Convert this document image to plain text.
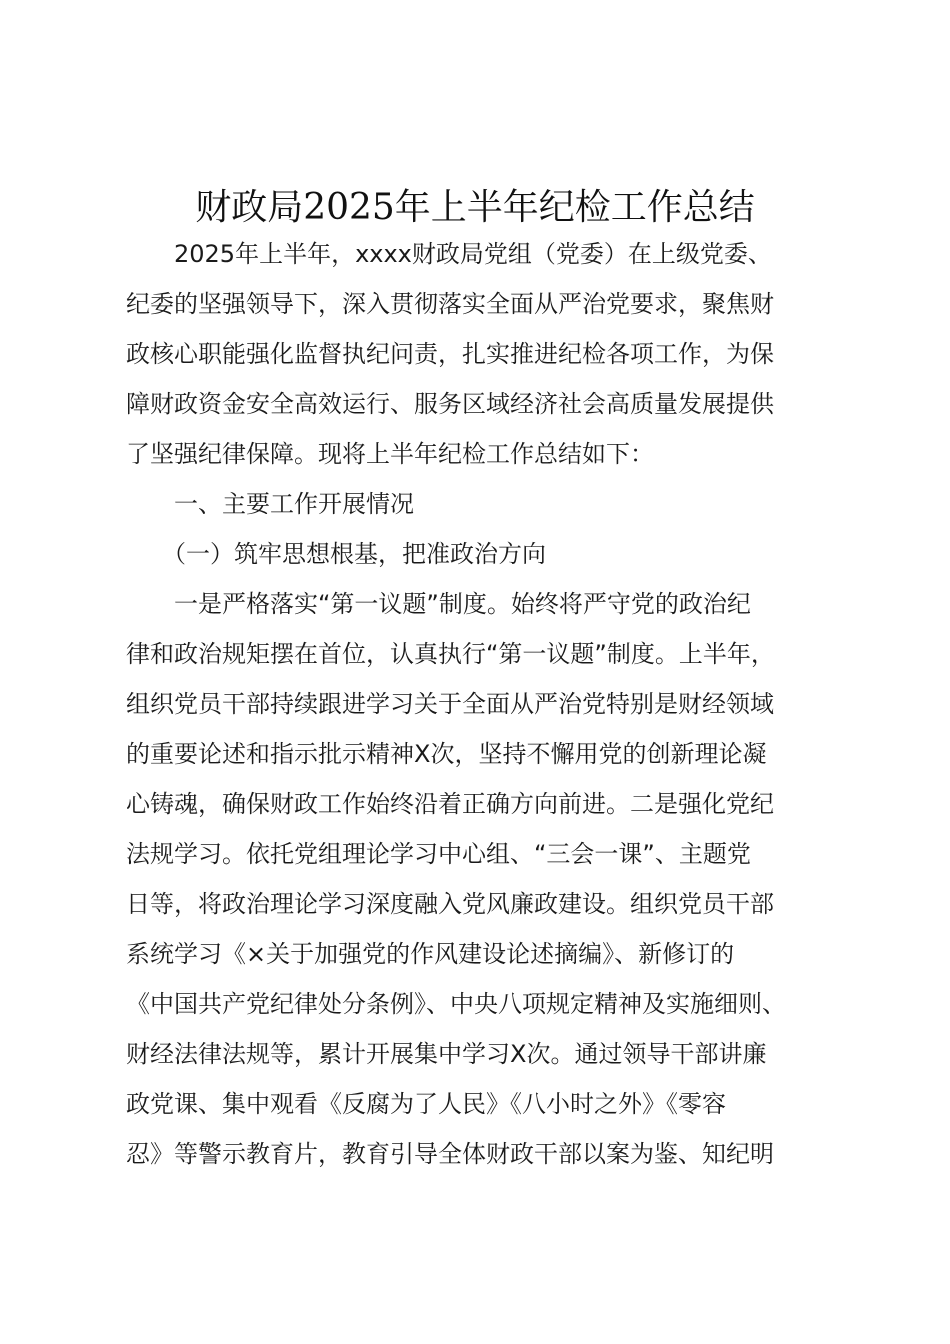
财政局2025年上半年纪检工作总结
　　2025年上半年，xxxx财政局党组（党委）在上级党委、
纪委的坚强领导下，深入贯彻落实全面从严治党要求，聚焦财
政核心职能强化监督执纪问责，扎实推进纪检各项工作，为保
障财政资金安全高效运行、服务区域经济社会高质量发展提供
了坚强纪律保障。现将上半年纪检工作总结如下：
　　一、主要工作开展情况
　　（一）筑牢思想根基，把准政治方向
　　一是严格落实“第一议题”制度。始终将严守党的政治纪
律和政治规矩摆在首位，认真执行“第一议题”制度。上半年，
组织党员干部持续跟进学习关于全面从严治党特别是财经领域
的重要论述和指示批示精神X次，坚持不懈用党的创新理论凝
心铸魂，确保财政工作始终沿着正确方向前进。二是强化党纪
法规学习。依托党组理论学习中心组、“三会一课”、主题党
日等，将政治理论学习深度融入党风廉政建设。组织党员干部
系统学习《×关于加强党的作风建设论述摘编》、新修订的
《中国共产党纪律处分条例》、中央八项规定精神及实施细则、
财经法律法规等，累计开展集中学习X次。通过领导干部讲廉
政党课、集中观看《反腐为了人民》《八小时之外》《零容
忍》等警示教育片，教育引导全体财政干部以案为鉴、知纪明
